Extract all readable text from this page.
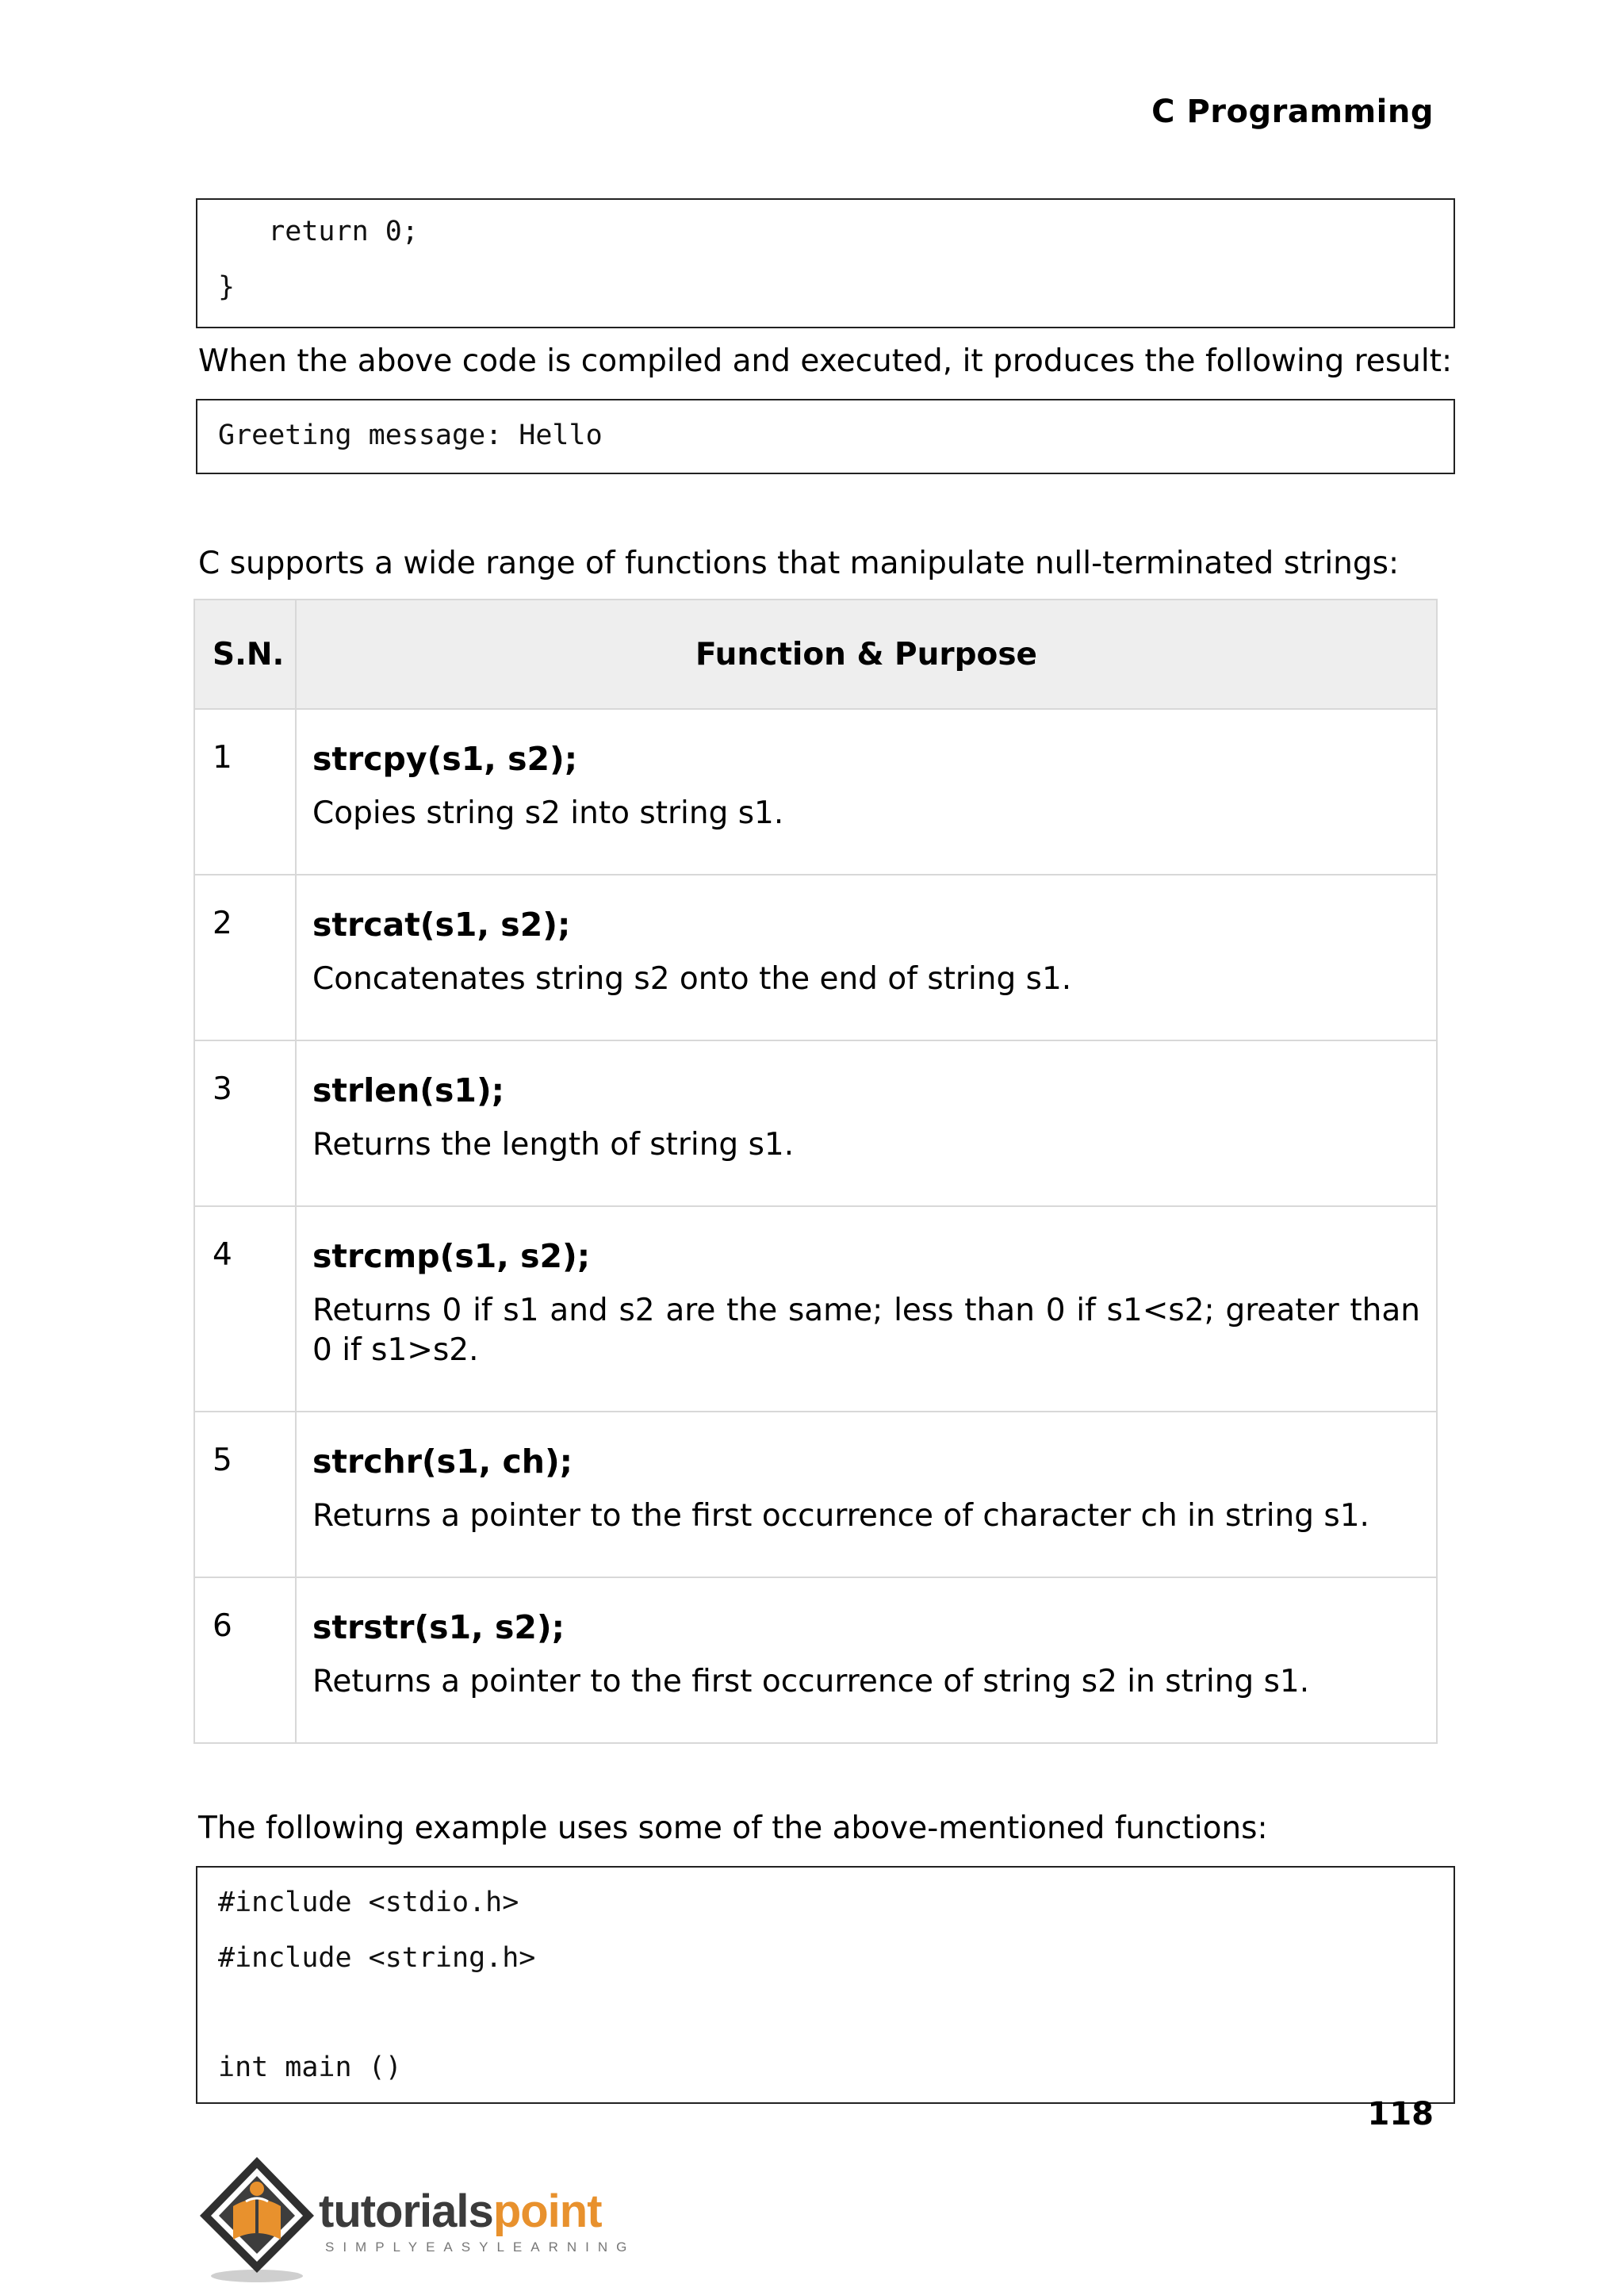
C Programming
return 0;
}
When the above code is compiled and executed, it produces the following result:
Greeting message: Hello
C supports a wide range of functions that manipulate null-terminated strings:
S.N.	Function & Purpose
1	strcpy(s1, s2);
Copies string s2 into string s1.
2	strcat(s1, s2);
Concatenates string s2 onto the end of string s1.
3	strlen(s1);
Returns the length of string s1.
4	strcmp(s1, s2);
Returns 0 if s1 and s2 are the same; less than 0 if s1<s2; greater than 0 if s1>s2.
5	strchr(s1, ch);
Returns a pointer to the first occurrence of character ch in string s1.
6	strstr(s1, s2);
Returns a pointer to the first occurrence of string s2 in string s1.
The following example uses some of the above-mentioned functions:
#include <stdio.h>
#include <string.h>
int main ()
118
tutorialspoint
SIMPLYEASYLEARNING
